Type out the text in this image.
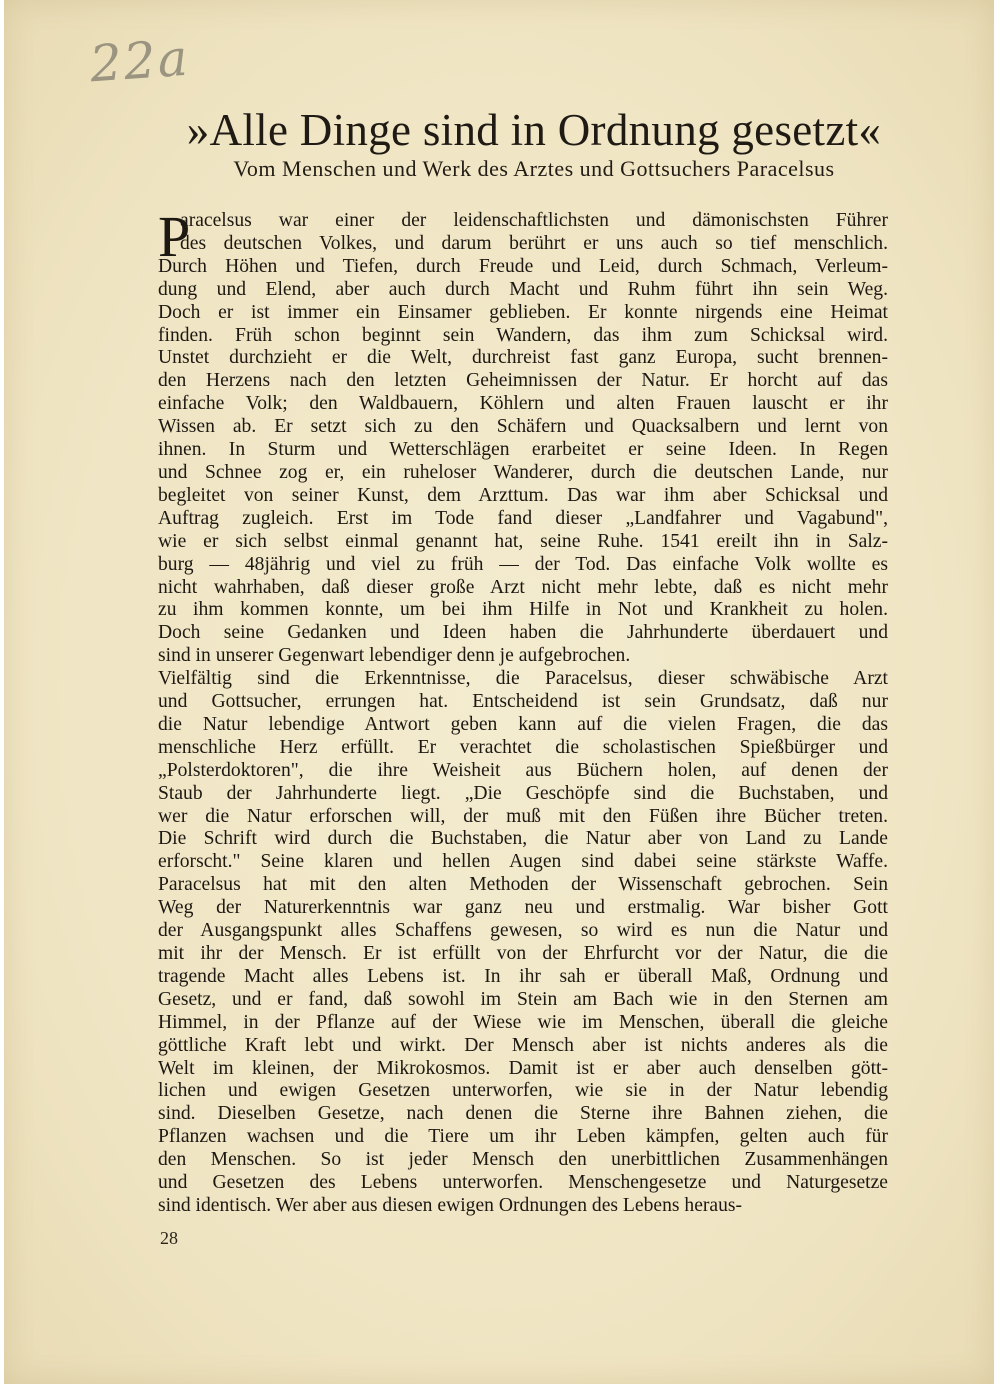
22a
»Alle Dinge sind in Ordnung gesetzt«
Vom Menschen und Werk des Arztes und Gottsuchers Paracelsus
P
aracelsus war einer der leidenschaftlichsten und dämonischsten Führer
des deutschen Volkes, und darum berührt er uns auch so tief menschlich.
Durch Höhen und Tiefen, durch Freude und Leid, durch Schmach, Verleum-
dung und Elend, aber auch durch Macht und Ruhm führt ihn sein Weg.
Doch er ist immer ein Einsamer geblieben. Er konnte nirgends eine Heimat
finden. Früh schon beginnt sein Wandern, das ihm zum Schicksal wird.
Unstet durchzieht er die Welt, durchreist fast ganz Europa, sucht brennen-
den Herzens nach den letzten Geheimnissen der Natur. Er horcht auf das
einfache Volk; den Waldbauern, Köhlern und alten Frauen lauscht er ihr
Wissen ab. Er setzt sich zu den Schäfern und Quacksalbern und lernt von
ihnen. In Sturm und Wetterschlägen erarbeitet er seine Ideen. In Regen
und Schnee zog er, ein ruheloser Wanderer, durch die deutschen Lande, nur
begleitet von seiner Kunst, dem Arzttum. Das war ihm aber Schicksal und
Auftrag zugleich. Erst im Tode fand dieser „Landfahrer und Vagabund",
wie er sich selbst einmal genannt hat, seine Ruhe. 1541 ereilt ihn in Salz-
burg — 48jährig und viel zu früh — der Tod. Das einfache Volk wollte es
nicht wahrhaben, daß dieser große Arzt nicht mehr lebte, daß es nicht mehr
zu ihm kommen konnte, um bei ihm Hilfe in Not und Krankheit zu holen.
Doch seine Gedanken und Ideen haben die Jahrhunderte überdauert und
sind in unserer Gegenwart lebendiger denn je aufgebrochen.
Vielfältig sind die Erkenntnisse, die Paracelsus, dieser schwäbische Arzt
und Gottsucher, errungen hat. Entscheidend ist sein Grundsatz, daß nur
die Natur lebendige Antwort geben kann auf die vielen Fragen, die das
menschliche Herz erfüllt. Er verachtet die scholastischen Spießbürger und
„Polsterdoktoren", die ihre Weisheit aus Büchern holen, auf denen der
Staub der Jahrhunderte liegt. „Die Geschöpfe sind die Buchstaben, und
wer die Natur erforschen will, der muß mit den Füßen ihre Bücher treten.
Die Schrift wird durch die Buchstaben, die Natur aber von Land zu Lande
erforscht." Seine klaren und hellen Augen sind dabei seine stärkste Waffe.
Paracelsus hat mit den alten Methoden der Wissenschaft gebrochen. Sein
Weg der Naturerkenntnis war ganz neu und erstmalig. War bisher Gott
der Ausgangspunkt alles Schaffens gewesen, so wird es nun die Natur und
mit ihr der Mensch. Er ist erfüllt von der Ehrfurcht vor der Natur, die die
tragende Macht alles Lebens ist. In ihr sah er überall Maß, Ordnung und
Gesetz, und er fand, daß sowohl im Stein am Bach wie in den Sternen am
Himmel, in der Pflanze auf der Wiese wie im Menschen, überall die gleiche
göttliche Kraft lebt und wirkt. Der Mensch aber ist nichts anderes als die
Welt im kleinen, der Mikrokosmos. Damit ist er aber auch denselben gött-
lichen und ewigen Gesetzen unterworfen, wie sie in der Natur lebendig
sind. Dieselben Gesetze, nach denen die Sterne ihre Bahnen ziehen, die
Pflanzen wachsen und die Tiere um ihr Leben kämpfen, gelten auch für
den Menschen. So ist jeder Mensch den unerbittlichen Zusammenhängen
und Gesetzen des Lebens unterworfen. Menschengesetze und Naturgesetze
sind identisch. Wer aber aus diesen ewigen Ordnungen des Lebens heraus-
28
